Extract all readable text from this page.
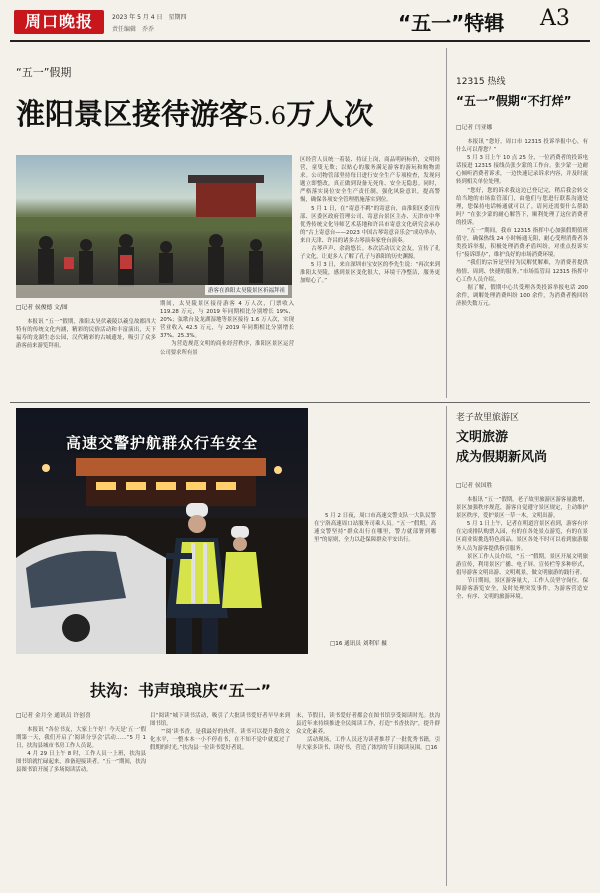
周口晚报	2023 年 5 月 4 日　星期四
责任编辑　乔乔	“五一”特辑 A3
“五一”假期
淮阳景区接待游客5.6万人次
游客在淮阳太昊陵景区祈福拜祖
□记者 侯俊德 文/图
　　本报讯 “五一”假期，淮阳太昊伏羲陵以羲皇故都四大特有的传统文化内涵，精彩的民俗活动和丰富演出，天下福寿的龙湖生态公园，汉代精彩的古城遗址，吸引了众多游客前来游览拜祖。
期间，太昊陵景区接待游客 4 万人次，门票收入 119.28 万元，与 2019 年同期相比分别增长 19%、20%；弦歌台及龙湖湿地等景区接待 1.6 万人次，实现营业收入 42.5 万元，与 2019 年同期相比分别增长 37%、25.3%。
　　为营造规范文明的商业经营秩序，淮阳区景区运营公司要求所有景
区经营人员统一着装、持证上岗，商品明码标价，文明经营，童叟无欺；以贴心的服务满足游客的游玩和购物需求。公司物管部坚持每日进行安全生产专项检查，发现问题立即整改，真正做到设备无死角、安全无隐患。同时，严格落实岗位安全生产责任制，强化风险意识，提高警惕，确保各项安全管理措施落实到位。
　　5 月 1 日，在“寄意不羁”的寄意台，由淮阳区委宣传部、区委区政府管理公司、寄意台景区主办、天津市中华优秀传统文化导师艺术基地和许昌市寄意文化研究会承办的“古上寄意台——2023 中国古琴寄意音乐会”成功举办，来自天津、许昌的诸多古琴演奏家登台演奏。
　　古琴声声、余韵悠长。本次活动以文会友，宣传了孔子文化，让更多人了解了孔子与淮阳的历史渊源。
　　5 月 3 日，来自深圳市宝安区的李先生说：“再次来到淮阳太昊陵，感到景区变化很大，环境干净整洁，服务更加贴心了。”
12315 热线
“五一”假期“不打烊”
□记者 闫亚娜
　　本报讯 “您好，周口市 12315 投诉举报中心，有什么可以帮您？”
　　5 月 3 日上午 10 点 25 分，一位消费者的投诉电话接进 12315 接线员张少蒙的工作台。张少蒙一边耐心倾听消费者诉求，一边快速记录诉求内容，并及时流转到相关单位处理。
　　“您好，您的诉求我这边已登记完，稍后我会转交给当地的市场监管部门，由他们与您进行联系沟通处理，您保持电话畅通就可以了。请问还需要什么帮助吗？”在张少蒙的耐心解答下，顺利处理了这位消费者的投诉。
　　“五一”期间，我市 12315 指挥中心加强假期值班值守，确保热线 24 小时畅通无阻，耐心受理消费者各类投诉举报，积极处理消费矛盾纠纷，对重点投诉实行“接诉即办”，维护良好的市场消费环境。
　　“我们的宗旨是坚持为民解忧解难，为消费者提供热情、周到、快捷的服务。”市场监管局 12315 指挥中心工作人员介绍。
　　据了解，假期中心共受理各类投诉举报电话 200 余件，调解处理消费纠纷 100 余件，为消费者挽回经济损失数万元。
高速交警护航群众行车安全
　　5 月 2 日夜，周口市高速交警支队一大队民警在宁洛高速周口站服务司乘人员。“五一”假期，高速交警坚持“群众出行在哪里，警力就部署到哪里”的原则，全力以赴保障群众平安出行。
□16 通讯员 刘利军 摄
老子故里旅游区
文明旅游
成为假期新风尚
□记者 侯国胜
　　本报讯 “五一”假期，老子故里旅游区游客量激增，景区加强秩序规范，游客自觉遵守景区规定，主动维护景区秩序，爱护景区一草一木，文明出游。
　　5 月 1 日上午，记者在明道宫景区看到，游客有序在完成排队购票入园，有的在各处景点游览，有的在景区商业街挑选特色商品。景区各处不时可以看到旅游服务人员为游客提供指引服务。
　　景区工作人员介绍，“五一”假期，景区开展文明旅游宣传，利用景区广播、电子屏、宣传栏等多种形式，倡导游客文明出游、文明观景，做文明旅游的践行者。
　　节日期间，景区游客量大，工作人员坚守岗位，保障游客游览安全，及时处理突发事件，为游客营造安全、有序、文明的旅游环境。
扶沟：书声琅琅庆“五一”
□记者 金月全 通讯员 许创喜
　　本报讯 “各位书友，大家上午好！今天是‘五一’假期第一天，我们开启了‘阅读分享会’活动……”5 月 1 日，扶沟县城市书房工作人员说。
　　4 月 29 日上午 8 时，工作人员一上班，扶沟县图书馆就忙碌起来，准备迎接读者。“五一”期间，扶沟县图书馆开展了多场阅读活动。
目“阅读”城下读书活动，吸引了大批读书爱好者早早来到图书馆。
　　“‘阅’读书香，是我最好的伙伴。读书可以提升我的文化水平，一整本本一小不停看书，在不知不觉中就度过了假期的时光。”扶沟县一位读书爱好者说。
末，节假日，读书爱好者都会在图书馆享受阅读时光。扶沟县近年来持续推进全民阅读工作，打造“书香扶沟”，提升群众文化素养。
　　活动现场，工作人员还为读者推荐了一批优秀书籍，引导大家多读书、读好书，营造了浓厚的节日阅读氛围。□16
